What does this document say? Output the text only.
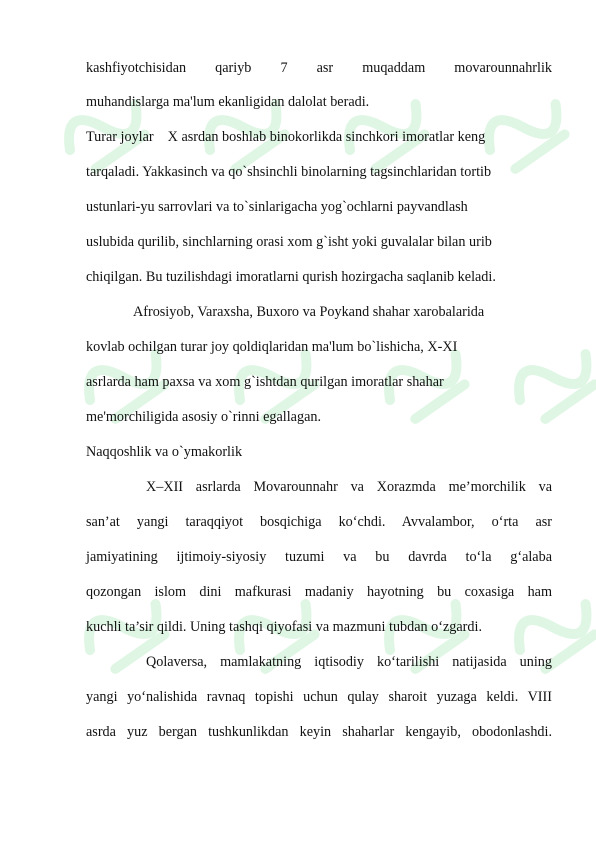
kashfiyotchisidan qariyb 7 asr muqaddam movarounnahrlik
muhandislarga ma'lum ekanligidan dalolat beradi.
Turar joylar X asrdan boshlab binokorlikda sinchkori imoratlar keng
tarqaladi. Yakkasinch va qo`shsinchli binolarning tagsinchlaridan tortib
ustunlari-yu sarrovlari va to`sinlarigacha yog`ochlarni payvandlash
uslubida qurilib, sinchlarning orasi xom g`isht yoki guvalalar bilan urib
chiqilgan. Bu tuzilishdagi imoratlarni qurish hozirgacha saqlanib keladi.
Afrosiyob, Varaxsha, Buxoro va Poykand shahar xarobalarida
kovlab ochilgan turar joy qoldiqlaridan ma'lum bo`lishicha, X-XI
asrlarda ham paxsa va xom g`ishtdan qurilgan imoratlar shahar
me'morchiligida asosiy o`rinni egallagan.
Naqqoshlik va o`ymakorlik
X–XII asrlarda Movarounnahr va Xorazmda me’morchilik va
san’at yangi taraqqiyot bosqichiga ko‘chdi. Avvalambor, o‘rta asr
jamiyatining ijtimoiy-siyosiy tuzumi va bu davrda to‘la g‘alaba
qozongan islom dini mafkurasi madaniy hayotning bu coxasiga ham
kuchli ta’sir qildi. Uning tashqi qiyofasi va mazmuni tubdan o‘zgardi.
Qolaversa, mamlakatning iqtisodiy ko‘tarilishi natijasida uning
yangi yo‘nalishida ravnaq topishi uchun qulay sharoit yuzaga keldi. VIII
asrda yuz bergan tushkunlikdan keyin shaharlar kengayib, obodonlashdi.
